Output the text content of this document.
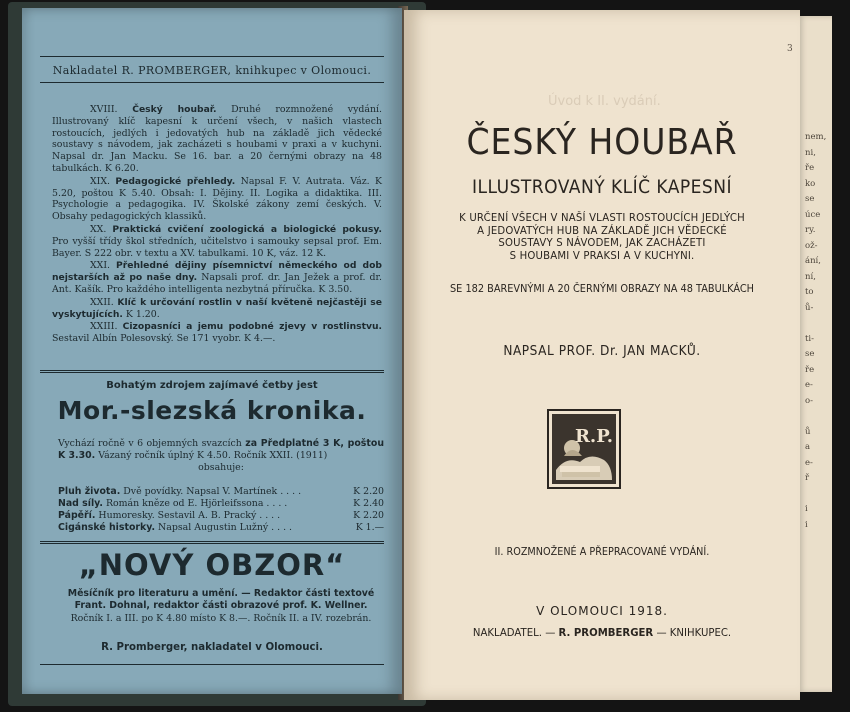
Nakladatel R. PROMBERGER, knihkupec v Olomouci.

XVIII. Český houbař. Druhé rozmnožené vydání. Illustrovaný klíč kapesní k určení všech, v našich vlastech rostoucích, jedlých i jedovatých hub na základě jich vědecké soustavy s návodem, jak zacházeti s houbami v praxi a v kuchyni. Napsal dr. Jan Macku. Se 16. bar. a 20 černými obrazy na 48 tabulkách. K 6.20.

XIX. Pedagogické přehledy. Napsal F. V. Autrata. Váz. K 5.20, poštou K 5.40. Obsah: I. Dějiny. II. Logika a didaktika. III. Psychologie a pedagogika. IV. Školské zákony zemí českých. V. Obsahy pedagogických klassiků.

XX. Praktická cvičení zoologická a biologické pokusy. Pro vyšší třídy škol středních, učitelstvo i samouky sepsal prof. Em. Bayer. S 222 obr. v textu a XV. tabulkami. 10 K, váz. 12 K.

XXI. Přehledné dějiny písemnictví německého od dob nejstarších až po naše dny. Napsali prof. dr. Jan Ježek a prof. dr. Ant. Kašík. Pro každého intelligenta nezbytná příručka. K 3.50.

XXII. Klíč k určování rostlin v naší květeně nejčastěji se vyskytujících. K 1.20.

XXIII. Cizopasníci a jemu podobné zjevy v rostlinstvu. Sestavil Albín Polesovský. Se 171 vyobr. K 4.—.

Bohatým zdrojem zajímavé četby jest
Mor.-slezská kronika.
Vychází ročně v 6 objemných svazcích za Předplatné 3 K, poštou K 3.30. Vázaný ročník úplný K 4.50. Ročník XXII. (1911)
obsahuje:
Pluh života. Dvě povídky. Napsal V. Martínek . . . .	K 2.20
Nad síly. Román kněze od E. Hjörleifssona . . . .	K 2.40
Pápěří. Humoresky. Sestavil A. B. Pracký . . . .	K 2.20
Cigánské historky. Napsal Augustin Lužný . . . .	K 1.—
„NOVÝ OBZOR“
Měsíčník pro literaturu a umění. — Redaktor části textové
Frant. Dohnal, redaktor části obrazové prof. K. Wellner.
Ročník I. a III. po K 4.80 místo K 8.—. Ročník II. a IV. rozebrán.
R. Promberger, nakladatel v Olomouci.
ČESKÝ HOUBAŘ
ILLUSTROVANÝ KLÍČ KAPESNÍ
K URČENÍ VŠECH V NAŠÍ VLASTI ROSTOUCÍCH JEDLÝCH
A JEDOVATÝCH HUB NA ZÁKLADĚ JICH VĚDECKÉ
SOUSTAVY S NÁVODEM, JAK ZACHÁZETI
S HOUBAMI V PRAKSI A V KUCHYNI.
SE 182 BAREVNÝMI A 20 ČERNÝMI OBRAZY NA 48 TABULKÁCH
NAPSAL PROF. Dr. JAN MACKŮ.
R.P.
II. ROZMNOŽENÉ A PŘEPRACOVANÉ VYDÁNÍ.
V OLOMOUCI 1918.
NAKLADATEL. — R. PROMBERGER — KNIHKUPEC.
Úvod k II. vydání.
3
nem,
ni,
ře
ko
se
úce
ry.
ož-
ání,
ní,
to
ů-

ti-
se
ře
e-
o-

ů
a
e-
ř

i
i
